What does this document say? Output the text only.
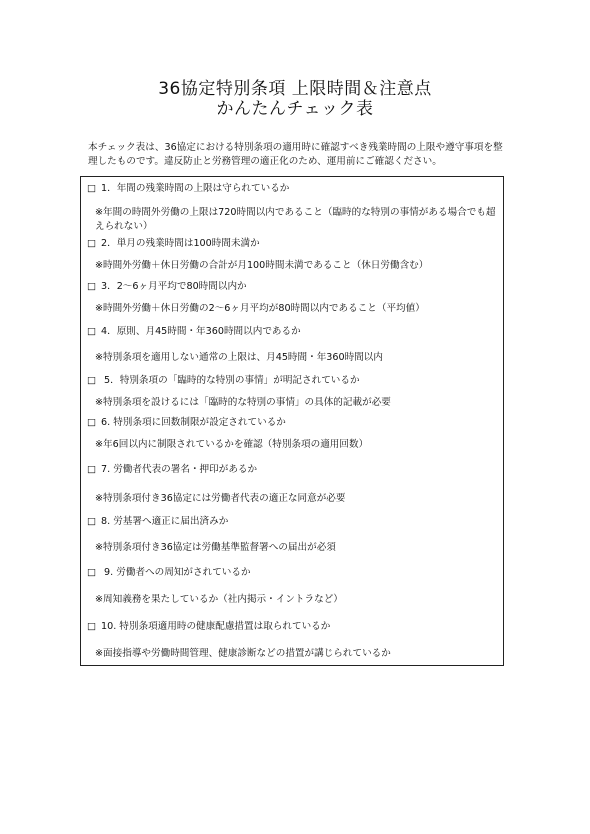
36協定特別条項 上限時間＆注意点
かんたんチェック表
本チェック表は、36協定における特別条項の適用時に確認すべき残業時間の上限や遵守事項を整理したものです。違反防止と労務管理の適正化のため、運用前にご確認ください。
□ 1．年間の残業時間の上限は守られているか
※年間の時間外労働の上限は720時間以内であること（臨時的な特別の事情がある場合でも超えられない）
□ 2．単月の残業時間は100時間未満か
※時間外労働＋休日労働の合計が月100時間未満であること（休日労働含む）
□ 3．2～6ヶ月平均で80時間以内か
※時間外労働＋休日労働の2～6ヶ月平均が80時間以内であること（平均値）
□ 4．原則、月45時間・年360時間以内であるか
※特別条項を適用しない通常の上限は、月45時間・年360時間以内
□ 5．特別条項の「臨時的な特別の事情」が明記されているか
※特別条項を設けるには「臨時的な特別の事情」の具体的記載が必要
□ 6. 特別条項に回数制限が設定されているか
※年6回以内に制限されているかを確認（特別条項の適用回数）
□ 7. 労働者代表の署名・押印があるか
※特別条項付き36協定には労働者代表の適正な同意が必要
□ 8. 労基署へ適正に届出済みか
※特別条項付き36協定は労働基準監督署への届出が必須
□ 9. 労働者への周知がされているか
※周知義務を果たしているか（社内掲示・イントラなど）
□ 10. 特別条項適用時の健康配慮措置は取られているか
※面接指導や労働時間管理、健康診断などの措置が講じられているか
